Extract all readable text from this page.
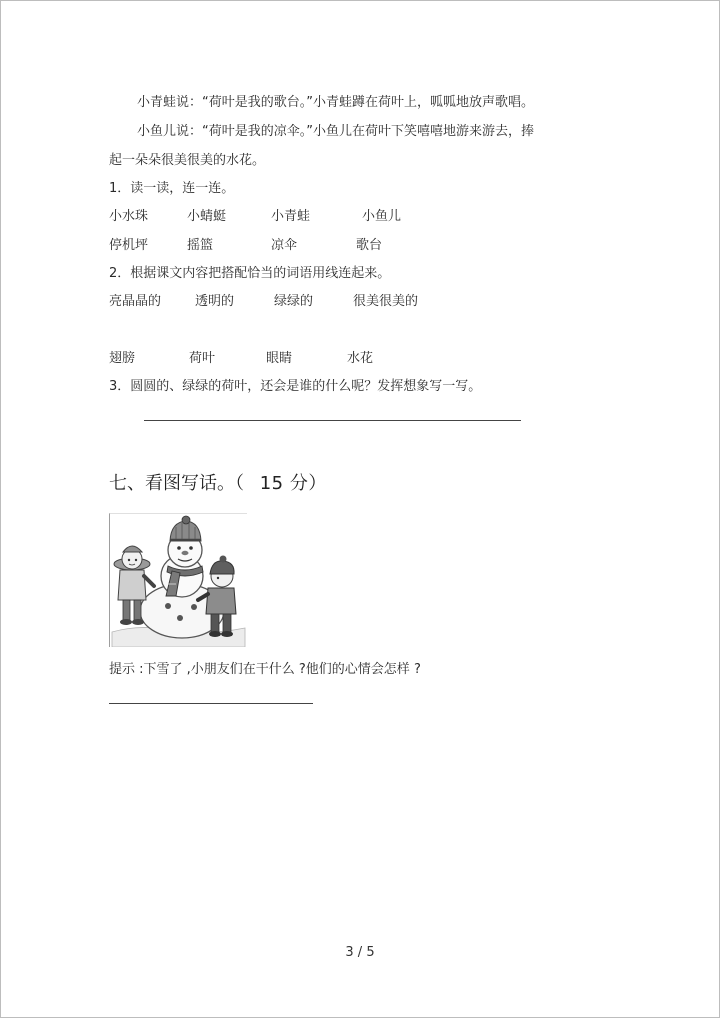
小青蛙说：“荷叶是我的歌台。”小青蛙蹲在荷叶上，呱呱地放声歌唱。
小鱼儿说：“荷叶是我的凉伞。”小鱼儿在荷叶下笑嘻嘻地游来游去，捧
起一朵朵很美很美的水花。
1．读一读，连一连。
小水珠	小蜻蜓	小青蛙	小鱼儿
停机坪	摇篮	凉伞	歌台
2．根据课文内容把搭配恰当的词语用线连起来。
亮晶晶的	透明的	绿绿的	很美很美的
翅膀	荷叶	眼睛	水花
3．圆圆的、绿绿的荷叶，还会是谁的什么呢？发挥想象写一写。
七、看图写话。（ 15 分）
提示 :下雪了 ,小朋友们在干什么 ?他们的心情会怎样 ?
3 / 5
